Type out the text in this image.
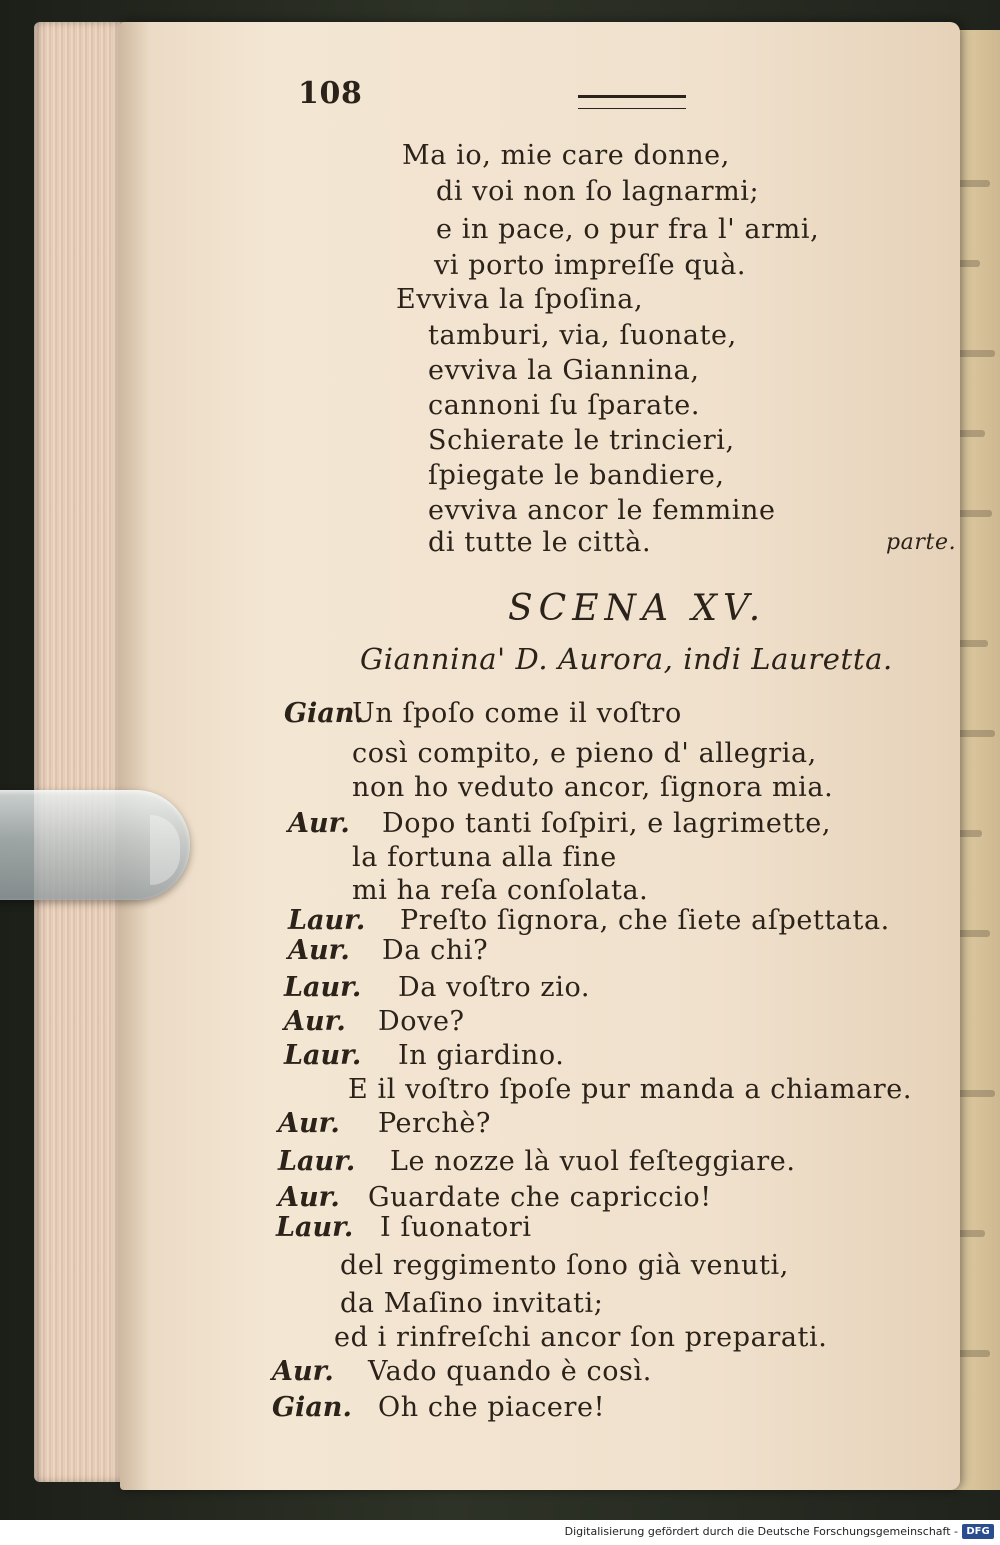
108
Ma io, mie care donne,
di voi non ſo lagnarmi;
e in pace, o pur fra l' armi,
vi porto impreſſe quà.
Evviva la ſpoſina,
tamburi, via, ſuonate,
evviva la Giannina,
cannoni ſu ſparate.
Schierate le trincieri,
ſpiegate le bandiere,
evviva ancor le femmine
di tutte le città.	parte.
SCENA XV.
Giannina' D. Aurora, indi Lauretta.
Gian.
Un ſpoſo come il voſtro
così compito, e pieno d' allegria,
non ho veduto ancor, ſignora mia.
Aur. Dopo tanti ſoſpiri, e lagrimette,
la fortuna alla fine
mi ha reſa conſolata.
Laur. Preſto ſignora, che ſiete aſpettata.
Aur. Da chi?
Laur. Da voſtro zio.
Aur. Dove?
Laur. In giardino.
E il voſtro ſpoſe pur manda a chiamare.
Aur. Perchè?
Laur. Le nozze là vuol feſteggiare.
Aur. Guardate che capriccio!
Laur. I ſuonatori
del reggimento ſono già venuti,
da Maſino invitati;
ed i rinfreſchi ancor ſon preparati.
Aur. Vado quando è così.
Gian. Oh che piacere!
Digitalisierung gefördert durch die Deutsche Forschungsgemeinschaft - DFG
